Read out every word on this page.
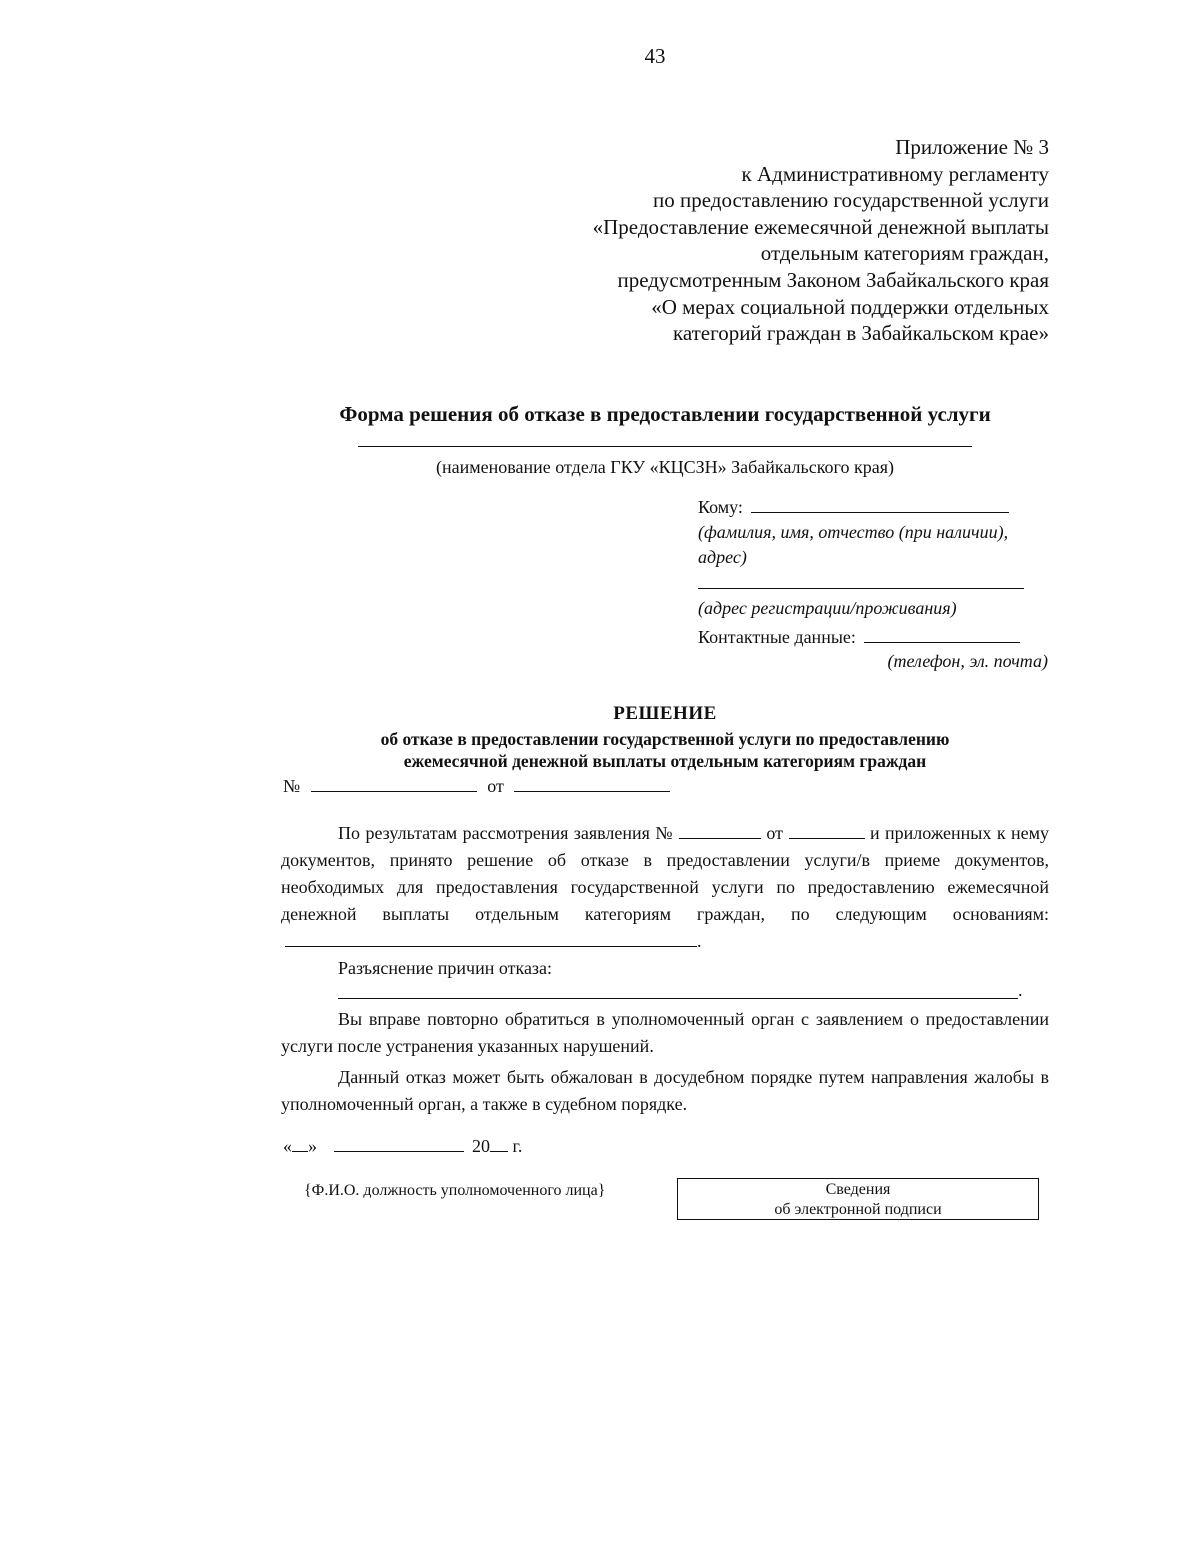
43
Приложение № 3
к Административному регламенту
по предоставлению государственной услуги
«Предоставление ежемесячной денежной выплаты
отдельным категориям граждан,
предусмотренным Законом Забайкальского края
«О мерах социальной поддержки отдельных
категорий граждан в Забайкальском крае»
Форма решения об отказе в предоставлении государственной услуги
(наименование отдела ГКУ «КЦСЗН» Забайкальского края)
Кому:
(фамилия, имя, отчество (при наличии),
адрес)
(адрес регистрации/проживания)
Контактные данные:
(телефон, эл. почта)
РЕШЕНИЕ
об отказе в предоставлении государственной услуги по предоставлению
ежемесячной денежной выплаты отдельным категориям граждан
№	от

По результатам рассмотрения заявления №	от	и приложенных к нему документов, принято решение об отказе в предоставлении услуги/в приеме документов, необходимых для предоставления государственной услуги по предоставлению ежемесячной денежной выплаты отдельным категориям граждан, по следующим основаниям: .

Разъяснение причин отказа:

.

Вы вправе повторно обратиться в уполномоченный орган с заявлением о предоставлении услуги после устранения указанных нарушений.

Данный отказ может быть обжалован в досудебном порядке путем направления жалобы в уполномоченный орган, а также в судебном порядке.

« »	20 г.
{Ф.И.О. должность уполномоченного лица}	Сведения
об электронной подписи
